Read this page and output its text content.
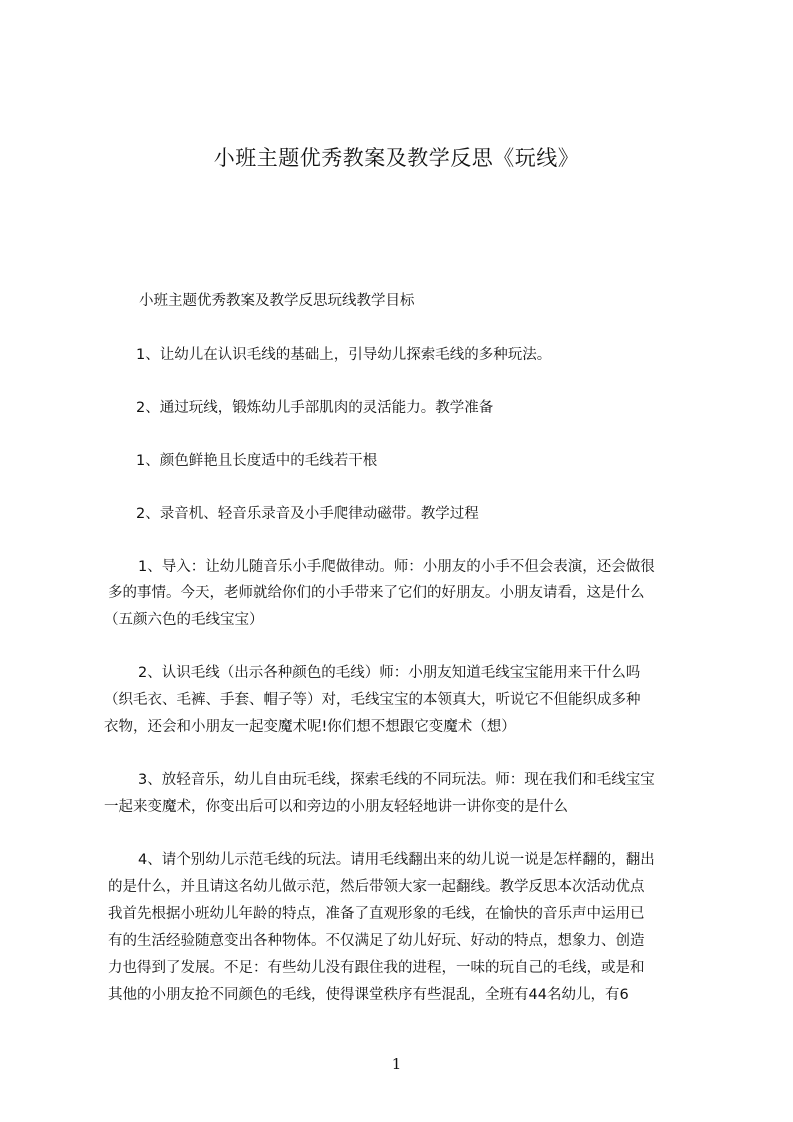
小班主题优秀教案及教学反思《玩线》
小班主题优秀教案及教学反思玩线教学目标
1、让幼儿在认识毛线的基础上，引导幼儿探索毛线的多种玩法。
2、通过玩线，锻炼幼儿手部肌肉的灵活能力。教学准备
1、颜色鲜艳且长度适中的毛线若干根
2、录音机、轻音乐录音及小手爬律动磁带。教学过程
1、导入：让幼儿随音乐小手爬做律动。师：小朋友的小手不但会表演，还会做很
多的事情。今天，老师就给你们的小手带来了它们的好朋友。小朋友请看，这是什么
（五颜六色的毛线宝宝）
2、认识毛线（出示各种颜色的毛线）师：小朋友知道毛线宝宝能用来干什么吗
（织毛衣、毛裤、手套、帽子等）对，毛线宝宝的本领真大，听说它不但能织成多种
衣物，还会和小朋友一起变魔术呢!你们想不想跟它变魔术（想）
3、放轻音乐，幼儿自由玩毛线，探索毛线的不同玩法。师：现在我们和毛线宝宝
一起来变魔术，你变出后可以和旁边的小朋友轻轻地讲一讲你变的是什么
4、请个别幼儿示范毛线的玩法。请用毛线翻出来的幼儿说一说是怎样翻的，翻出
的是什么，并且请这名幼儿做示范，然后带领大家一起翻线。教学反思本次活动优点
我首先根据小班幼儿年龄的特点，准备了直观形象的毛线，在愉快的音乐声中运用已
有的生活经验随意变出各种物体。不仅满足了幼儿好玩、好动的特点，想象力、创造
力也得到了发展。不足：有些幼儿没有跟住我的进程，一味的玩自己的毛线，或是和
其他的小朋友抢不同颜色的毛线，使得课堂秩序有些混乱，全班有44名幼儿，有6
1
